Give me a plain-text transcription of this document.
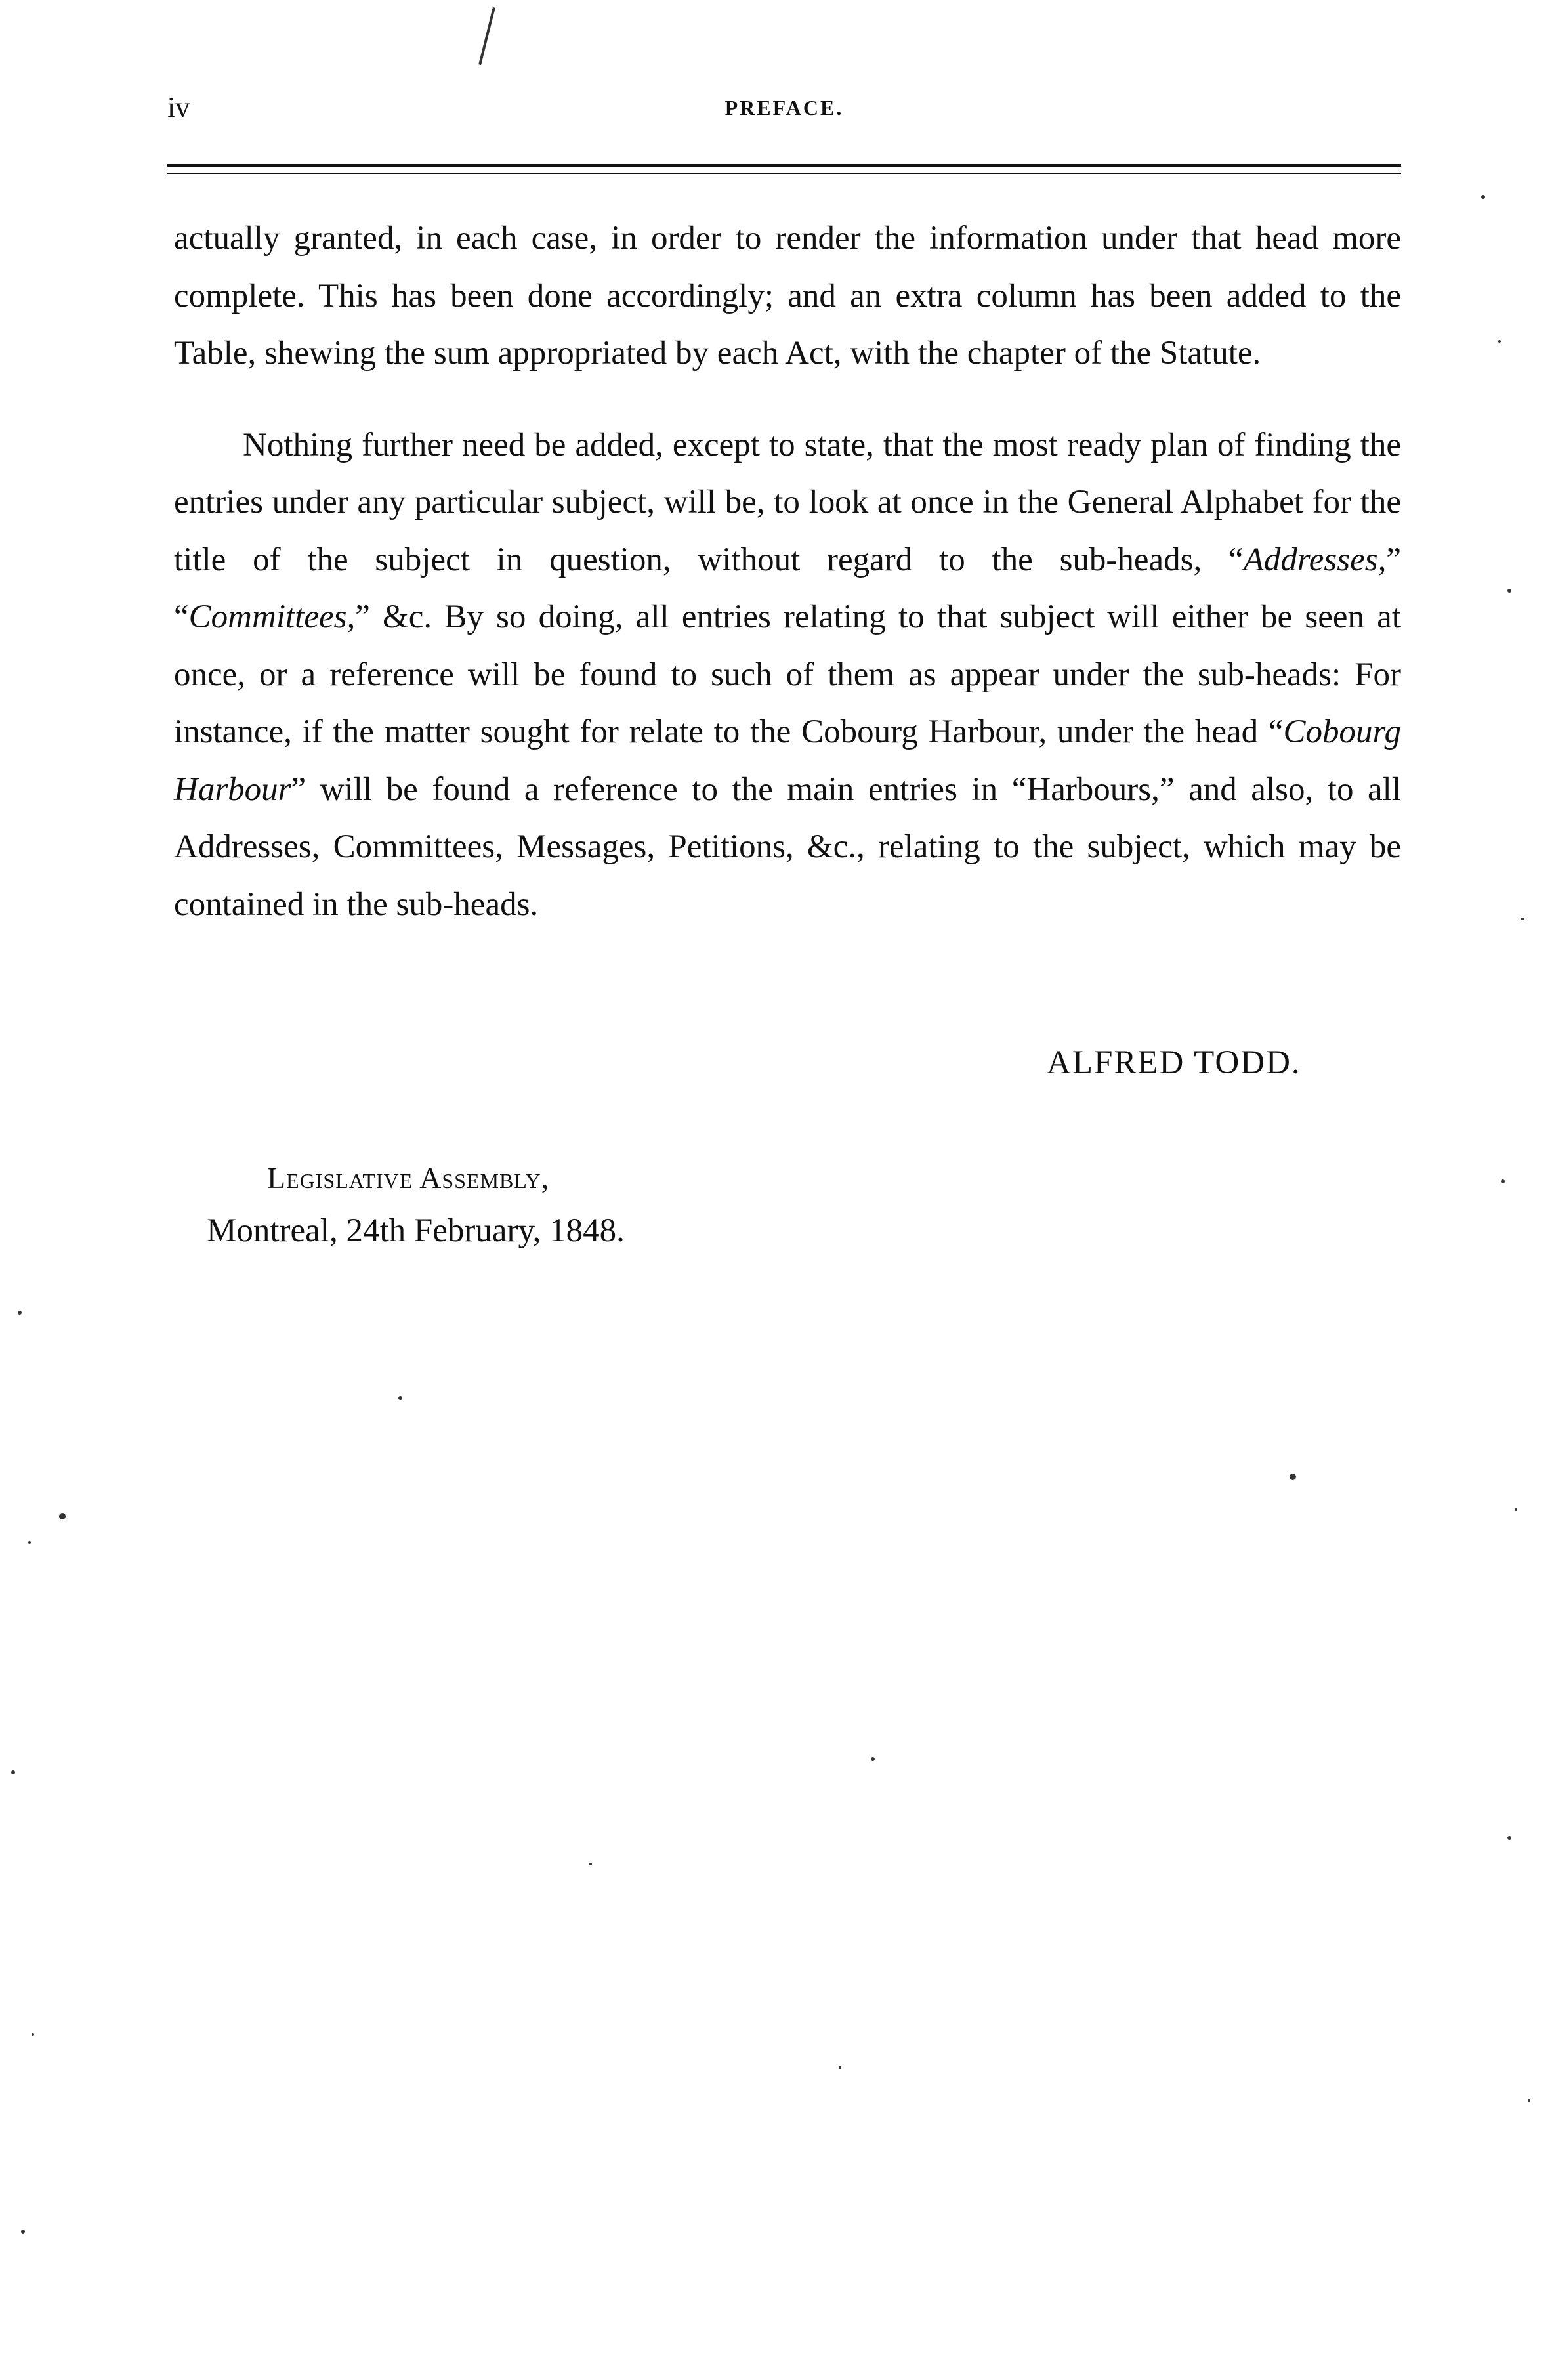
iv	PREFACE.

actually granted, in each case, in order to render the information under that head more complete. This has been done accordingly; and an extra column has been added to the Table, shewing the sum appropriated by each Act, with the chapter of the Statute.

Nothing further need be added, except to state, that the most ready plan of finding the entries under any particular subject, will be, to look at once in the General Alphabet for the title of the subject in question, without regard to the sub-heads, “Addresses,” “Committees,” &c. By so doing, all entries relating to that subject will either be seen at once, or a reference will be found to such of them as appear under the sub-heads: For instance, if the matter sought for relate to the Cobourg Harbour, under the head “Cobourg Harbour” will be found a reference to the main entries in “Harbours,” and also, to all Addresses, Committees, Messages, Petitions, &c., relating to the subject, which may be contained in the sub-heads.

ALFRED TODD.
Legislative Assembly,
Montreal, 24th February, 1848.
